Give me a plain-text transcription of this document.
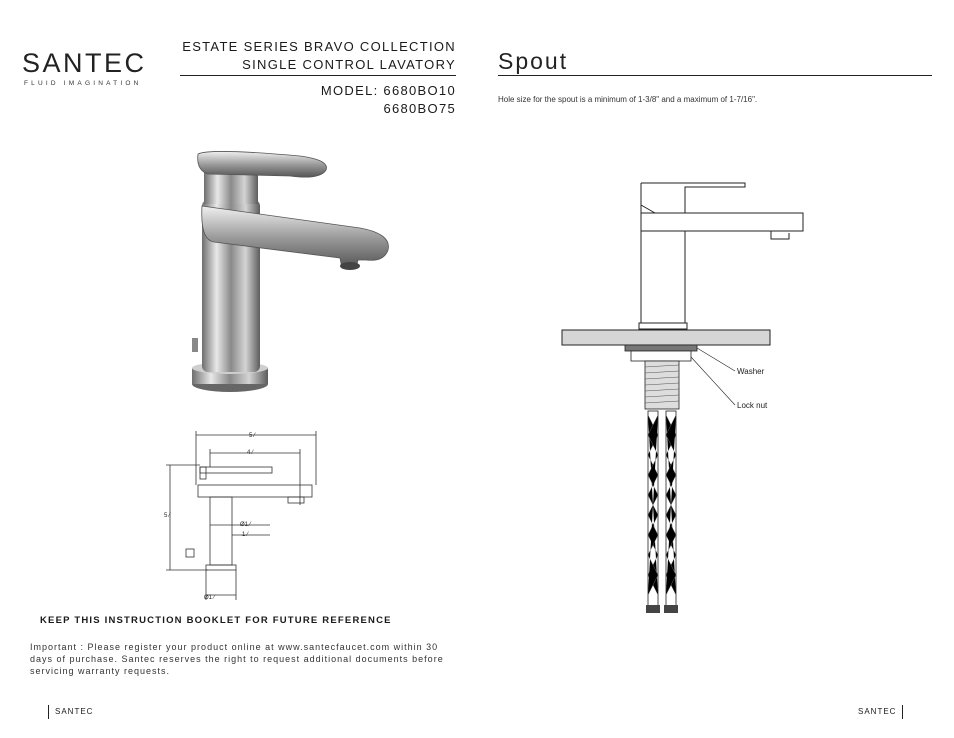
SANTEC
FLUID IMAGINATION
ESTATE SERIES BRAVO COLLECTION
SINGLE CONTROL LAVATORY
MODEL: 6680BO10
6680BO75
Spout
Hole size for the spout is a minimum of 1-3/8" and a maximum of 1-7/16".
5 ⁄
4 ⁄
5 ⁄
Ø1 ⁄
1 ⁄
Ø1 ⁄
Washer
Lock nut
KEEP THIS INSTRUCTION BOOKLET FOR FUTURE REFERENCE
Important : Please register your product online at www.santecfaucet.com within 30 days of purchase. Santec reserves the right to request additional documents before servicing warranty requests.
SANTEC	SANTEC
